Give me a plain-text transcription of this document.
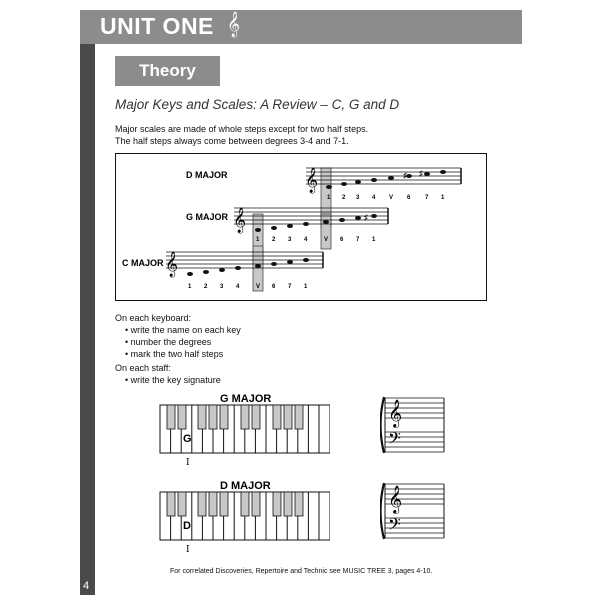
UNIT ONE 𝄞
Theory
Major Keys and Scales: A Review – C, G and D
Major scales are made of whole steps except for two half steps.
The half steps always come between degrees 3-4 and 7-1.
𝄞	♯ ♯
D MAJOR
1 2 3 4 V 6 7 1
𝄞	♯
G MAJOR
1 2 3 4	V 6 7 1
𝄞
C MAJOR
1 2 3 4	V 6 7 1
On each keyboard:
• write the name on each key
• number the degrees
• mark the two half steps
On each staff:
• write the key signature
G MAJOR
G
I
D MAJOR
D
I
𝄞
𝄢
𝄞
𝄢
For correlated Discoveries, Repertoire and Technic see MUSIC TREE 3, pages 4-10.
4
